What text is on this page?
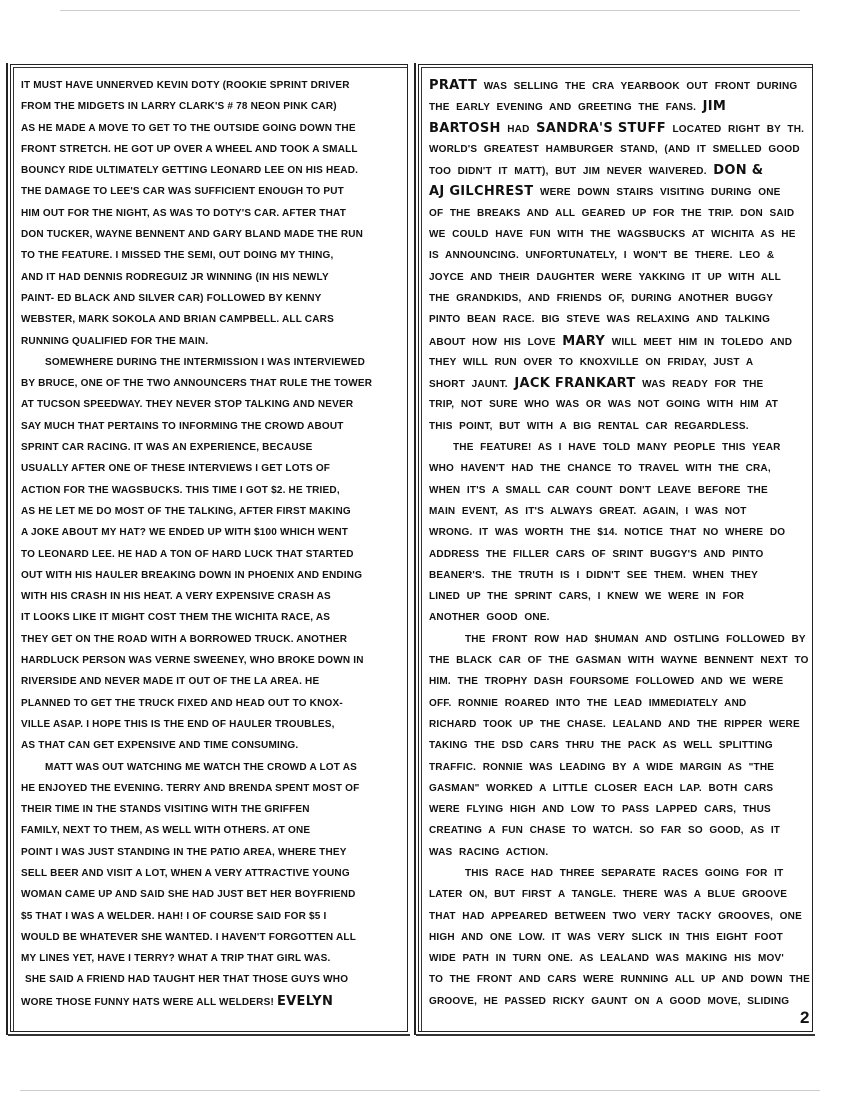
IT MUST HAVE UNNERVED KEVIN DOTY (ROOKIE SPRINT DRIVER
FROM THE MIDGETS IN LARRY CLARK'S # 78 NEON PINK CAR)
AS HE MADE A MOVE TO GET TO THE OUTSIDE GOING DOWN THE
FRONT STRETCH. HE GOT UP OVER A WHEEL AND TOOK A SMALL
BOUNCY RIDE ULTIMATELY GETTING LEONARD LEE ON HIS HEAD.
THE DAMAGE TO LEE'S CAR WAS SUFFICIENT ENOUGH TO PUT
HIM OUT FOR THE NIGHT, AS WAS TO DOTY'S CAR. AFTER THAT
DON TUCKER, WAYNE BENNENT AND GARY BLAND MADE THE RUN
TO THE FEATURE. I MISSED THE SEMI, OUT DOING MY THING,
AND IT HAD DENNIS RODREGUIZ JR WINNING (IN HIS NEWLY
PAINT- ED BLACK AND SILVER CAR) FOLLOWED BY KENNY
WEBSTER, MARK SOKOLA AND BRIAN CAMPBELL. ALL CARS
RUNNING QUALIFIED FOR THE MAIN.
SOMEWHERE DURING THE INTERMISSION I WAS INTERVIEWED
BY BRUCE, ONE OF THE TWO ANNOUNCERS THAT RULE THE TOWER
AT TUCSON SPEEDWAY. THEY NEVER STOP TALKING AND NEVER
SAY MUCH THAT PERTAINS TO INFORMING THE CROWD ABOUT
SPRINT CAR RACING. IT WAS AN EXPERIENCE, BECAUSE
USUALLY AFTER ONE OF THESE INTERVIEWS I GET LOTS OF
ACTION FOR THE WAGSBUCKS. THIS TIME I GOT $2. HE TRIED,
AS HE LET ME DO MOST OF THE TALKING, AFTER FIRST MAKING
A JOKE ABOUT MY HAT? WE ENDED UP WITH $100 WHICH WENT
TO LEONARD LEE. HE HAD A TON OF HARD LUCK THAT STARTED
OUT WITH HIS HAULER BREAKING DOWN IN PHOENIX AND ENDING
WITH HIS CRASH IN HIS HEAT. A VERY EXPENSIVE CRASH AS
IT LOOKS LIKE IT MIGHT COST THEM THE WICHITA RACE, AS
THEY GET ON THE ROAD WITH A BORROWED TRUCK. ANOTHER
HARDLUCK PERSON WAS VERNE SWEENEY, WHO BROKE DOWN IN
RIVERSIDE AND NEVER MADE IT OUT OF THE LA AREA. HE
PLANNED TO GET THE TRUCK FIXED AND HEAD OUT TO KNOX-
VILLE ASAP. I HOPE THIS IS THE END OF HAULER TROUBLES,
AS THAT CAN GET EXPENSIVE AND TIME CONSUMING.
MATT WAS OUT WATCHING ME WATCH THE CROWD A LOT AS
HE ENJOYED THE EVENING. TERRY AND BRENDA SPENT MOST OF
THEIR TIME IN THE STANDS VISITING WITH THE GRIFFEN
FAMILY, NEXT TO THEM, AS WELL WITH OTHERS. AT ONE
POINT I WAS JUST STANDING IN THE PATIO AREA, WHERE THEY
SELL BEER AND VISIT A LOT, WHEN A VERY ATTRACTIVE YOUNG
WOMAN CAME UP AND SAID SHE HAD JUST BET HER BOYFRIEND
$5 THAT I WAS A WELDER. HAH! I OF COURSE SAID FOR $5 I
WOULD BE WHATEVER SHE WANTED. I HAVEN'T FORGOTTEN ALL
MY LINES YET, HAVE I TERRY? WHAT A TRIP THAT GIRL WAS.
SHE SAID A FRIEND HAD TAUGHT HER THAT THOSE GUYS WHO
WORE THOSE FUNNY HATS WERE ALL WELDERS! EVELYN
PRATT WAS SELLING THE CRA YEARBOOK OUT FRONT DURING
THE EARLY EVENING AND GREETING THE FANS. JIM
BARTOSH HAD SANDRA'S STUFF LOCATED RIGHT BY TH.
WORLD'S GREATEST HAMBURGER STAND, (AND IT SMELLED GOOD
TOO DIDN'T IT MATT), BUT JIM NEVER WAIVERED. DON &
AJ GILCHREST WERE DOWN STAIRS VISITING DURING ONE
OF THE BREAKS AND ALL GEARED UP FOR THE TRIP. DON SAID
WE COULD HAVE FUN WITH THE WAGSBUCKS AT WICHITA AS HE
IS ANNOUNCING. UNFORTUNATELY, I WON'T BE THERE. LEO &
JOYCE AND THEIR DAUGHTER WERE YAKKING IT UP WITH ALL
THE GRANDKIDS, AND FRIENDS OF, DURING ANOTHER BUGGY
PINTO BEAN RACE. BIG STEVE WAS RELAXING AND TALKING
ABOUT HOW HIS LOVE MARY WILL MEET HIM IN TOLEDO AND
THEY WILL RUN OVER TO KNOXVILLE ON FRIDAY, JUST A
SHORT JAUNT. JACK FRANKART WAS READY FOR THE
TRIP, NOT SURE WHO WAS OR WAS NOT GOING WITH HIM AT
THIS POINT, BUT WITH A BIG RENTAL CAR REGARDLESS.
THE FEATURE! AS I HAVE TOLD MANY PEOPLE THIS YEAR
WHO HAVEN'T HAD THE CHANCE TO TRAVEL WITH THE CRA,
WHEN IT'S A SMALL CAR COUNT DON'T LEAVE BEFORE THE
MAIN EVENT, AS IT'S ALWAYS GREAT. AGAIN, I WAS NOT
WRONG. IT WAS WORTH THE $14. NOTICE THAT NO WHERE DO
ADDRESS THE FILLER CARS OF SRINT BUGGY'S AND PINTO
BEANER'S. THE TRUTH IS I DIDN'T SEE THEM. WHEN THEY
LINED UP THE SPRINT CARS, I KNEW WE WERE IN FOR
ANOTHER GOOD ONE.
THE FRONT ROW HAD $HUMAN AND OSTLING FOLLOWED BY
THE BLACK CAR OF THE GASMAN WITH WAYNE BENNENT NEXT TO
HIM. THE TROPHY DASH FOURSOME FOLLOWED AND WE WERE
OFF. RONNIE ROARED INTO THE LEAD IMMEDIATELY AND
RICHARD TOOK UP THE CHASE. LEALAND AND THE RIPPER WERE
TAKING THE DSD CARS THRU THE PACK AS WELL SPLITTING
TRAFFIC. RONNIE WAS LEADING BY A WIDE MARGIN AS "THE
GASMAN" WORKED A LITTLE CLOSER EACH LAP. BOTH CARS
WERE FLYING HIGH AND LOW TO PASS LAPPED CARS, THUS
CREATING A FUN CHASE TO WATCH. SO FAR SO GOOD, AS IT
WAS RACING ACTION.
THIS RACE HAD THREE SEPARATE RACES GOING FOR IT
LATER ON, BUT FIRST A TANGLE. THERE WAS A BLUE GROOVE
THAT HAD APPEARED BETWEEN TWO VERY TACKY GROOVES, ONE
HIGH AND ONE LOW. IT WAS VERY SLICK IN THIS EIGHT FOOT
WIDE PATH IN TURN ONE. AS LEALAND WAS MAKING HIS MOV'
TO THE FRONT AND CARS WERE RUNNING ALL UP AND DOWN THE
GROOVE, HE PASSED RICKY GAUNT ON A GOOD MOVE, SLIDING
2
